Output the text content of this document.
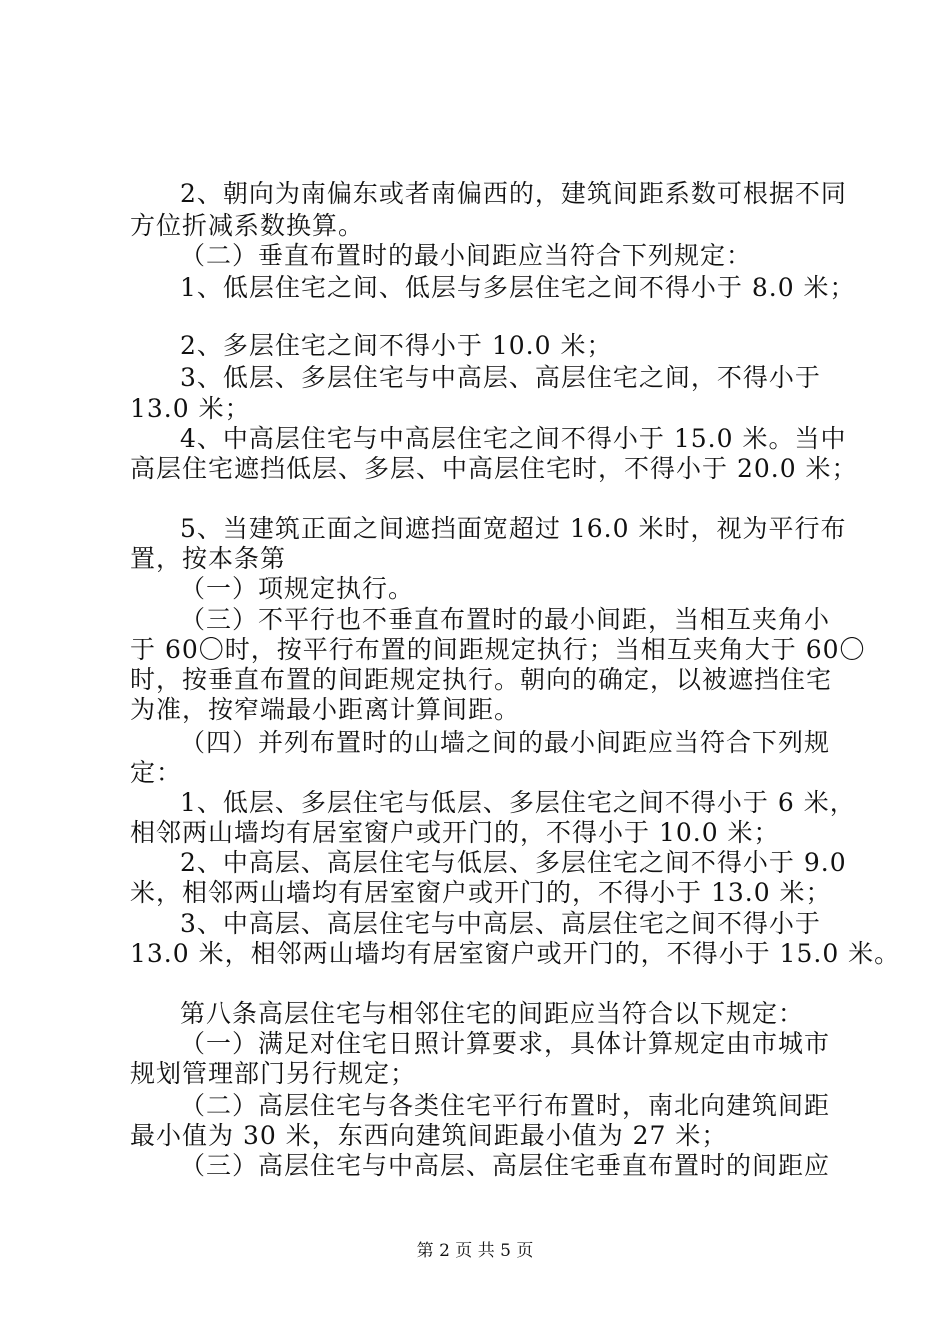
2、朝向为南偏东或者南偏西的，建筑间距系数可根据不同
方位折减系数换算。
（二）垂直布置时的最小间距应当符合下列规定：
1、低层住宅之间、低层与多层住宅之间不得小于 8.0 米；
2、多层住宅之间不得小于 10.0 米；
3、低层、多层住宅与中高层、高层住宅之间，不得小于
13.0 米；
4、中高层住宅与中高层住宅之间不得小于 15.0 米。当中
高层住宅遮挡低层、多层、中高层住宅时，不得小于 20.0 米；
5、当建筑正面之间遮挡面宽超过 16.0 米时，视为平行布
置，按本条第
（一）项规定执行。
（三）不平行也不垂直布置时的最小间距，当相互夹角小
于 60〇时，按平行布置的间距规定执行；当相互夹角大于 60〇
时，按垂直布置的间距规定执行。朝向的确定，以被遮挡住宅
为准，按窄端最小距离计算间距。
（四）并列布置时的山墙之间的最小间距应当符合下列规
定：
1、低层、多层住宅与低层、多层住宅之间不得小于 6 米，
相邻两山墙均有居室窗户或开门的，不得小于 10.0 米；
2、中高层、高层住宅与低层、多层住宅之间不得小于 9.0
米，相邻两山墙均有居室窗户或开门的，不得小于 13.0 米；
3、中高层、高层住宅与中高层、高层住宅之间不得小于
13.0 米，相邻两山墙均有居室窗户或开门的，不得小于 15.0 米。
第八条高层住宅与相邻住宅的间距应当符合以下规定：
（一）满足对住宅日照计算要求，具体计算规定由市城市
规划管理部门另行规定；
（二）高层住宅与各类住宅平行布置时，南北向建筑间距
最小值为 30 米，东西向建筑间距最小值为 27 米；
（三）高层住宅与中高层、高层住宅垂直布置时的间距应
第 2 页 共 5 页
